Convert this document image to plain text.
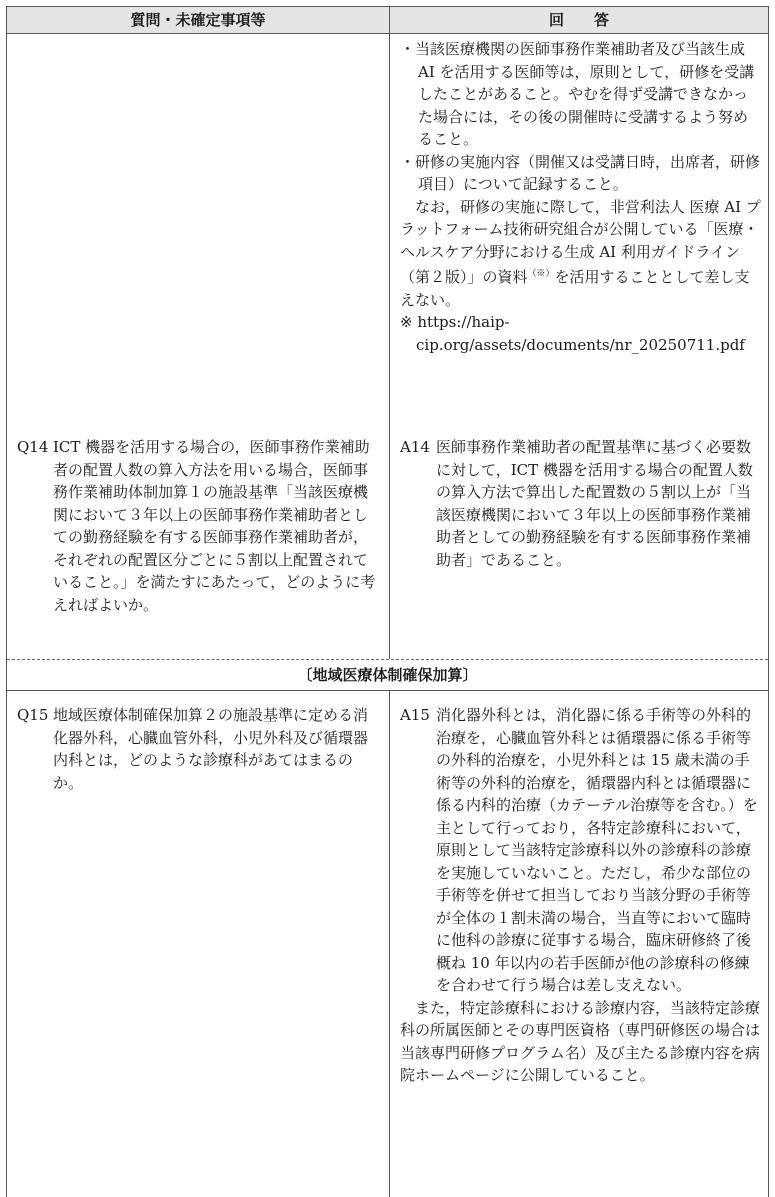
質問・未確定事項等	回答

・当該医療機関の医師事務作業補助者及び当該生成 AI を活用する医師等は，原則として，研修を受講したことがあること。やむを得ず受講できなかった場合には，その後の開催時に受講するよう努めること。

・研修の実施内容（開催又は受講日時，出席者，研修項目）について記録すること。

なお，研修の実施に際して，非営利法人 医療 AI プラットフォーム技術研究組合が公開している「医療・ヘルスケア分野における生成 AI 利用ガイドライン（第２版）」の資料（※）を活用することとして差し支えない。

※ https://haip-cip.org/assets/documents/nr_20250711.pdf

Q14 ICT 機器を活用する場合の，医師事務作業補助者の配置人数の算入方法を用いる場合，医師事務作業補助体制加算１の施設基準「当該医療機関において３年以上の医師事務作業補助者としての勤務経験を有する医師事務作業補助者が，それぞれの配置区分ごとに５割以上配置されていること。」を満たすにあたって，どのように考えればよいか。

A14 医師事務作業補助者の配置基準に基づく必要数に対して，ICT 機器を活用する場合の配置人数の算入方法で算出した配置数の５割以上が「当該医療機関において３年以上の医師事務作業補助者としての勤務経験を有する医師事務作業補助者」であること。

〔地域医療体制確保加算〕

Q15 地域医療体制確保加算２の施設基準に定める消化器外科，心臓血管外科，小児外科及び循環器内科とは，どのような診療科があてはまるのか。

A15 消化器外科とは，消化器に係る手術等の外科的治療を，心臓血管外科とは循環器に係る手術等の外科的治療を，小児外科とは 15 歳未満の手術等の外科的治療を，循環器内科とは循環器に係る内科的治療（カテーテル治療等を含む。）を主として行っており，各特定診療科において，原則として当該特定診療科以外の診療科の診療を実施していないこと。ただし，希少な部位の手術等を併せて担当しており当該分野の手術等が全体の１割未満の場合，当直等において臨時に他科の診療に従事する場合，臨床研修終了後概ね 10 年以内の若手医師が他の診療科の修練を合わせて行う場合は差し支えない。

また，特定診療科における診療内容，当該特定診療科の所属医師とその専門医資格（専門研修医の場合は当該専門研修プログラム名）及び主たる診療内容を病院ホームページに公開していること。
